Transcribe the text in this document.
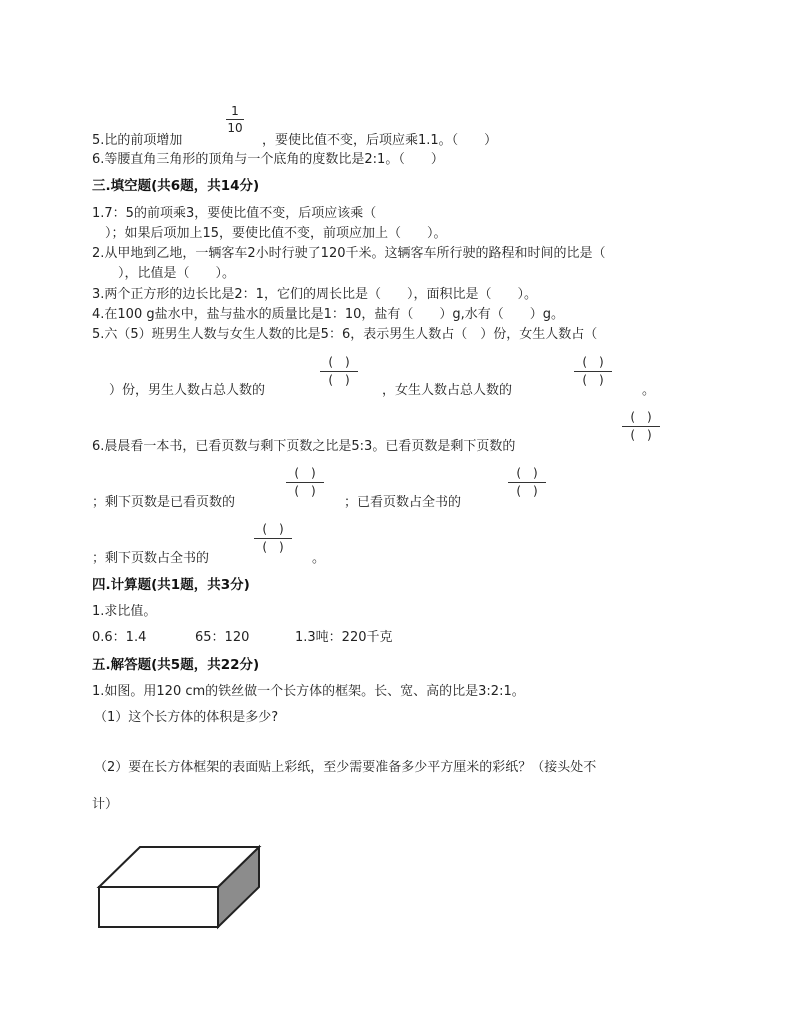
5.比的前项增加
1
10
，要使比值不变，后项应乘1.1。（　　）
6.等腰直角三角形的顶角与一个底角的度数比是2:1。（　　）
三.填空题(共6题，共14分)
1.7：5的前项乘3，要使比值不变，后项应该乘（
　）；如果后项加上15，要使比值不变，前项应加上（　　）。
2.从甲地到乙地，一辆客车2小时行驶了120千米。这辆客车所行驶的路程和时间的比是（
　　），比值是（　　）。
3.两个正方形的边长比是2：1，它们的周长比是（　　），面积比是（　　）。
4.在100 g盐水中，盐与盐水的质量比是1：10，盐有（　　）g,水有（　　）g。
5.六（5）班男生人数与女生人数的比是5：6，表示男生人数占（　）份，女生人数占（
(　)
(　)
(　)
(　)
　）份，男生人数占总人数的	，女生人数占总人数的	。
(　)
(　)
6.晨晨看一本书，已看页数与剩下页数之比是5:3。已看页数是剩下页数的
(　)
(　)
(　)
(　)
；剩下页数是已看页数的	；已看页数占全书的
(　)
(　)
；剩下页数占全书的	。
四.计算题(共1题，共3分)
1.求比值。
0.6：1.4	65：120	1.3吨：220千克
五.解答题(共5题，共22分)
1.如图。用120 cm的铁丝做一个长方体的框架。长、宽、高的比是3:2:1。
（1）这个长方体的体积是多少?
（2）要在长方体框架的表面贴上彩纸，至少需要准备多少平方厘米的彩纸？（接头处不
计）
